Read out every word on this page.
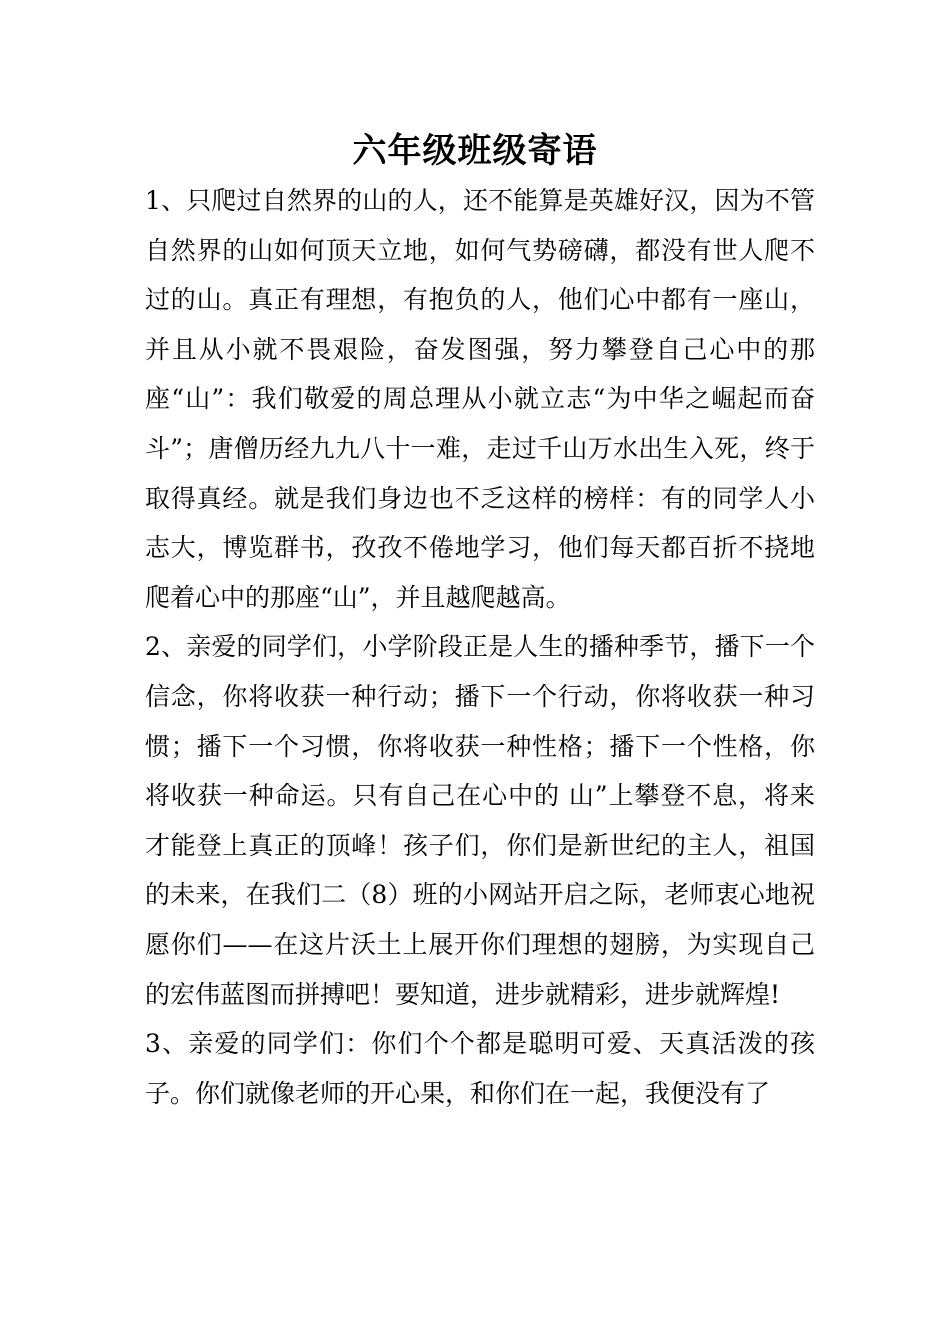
六年级班级寄语

1、只爬过自然界的山的人，还不能算是英雄好汉，因为不管自然界的山如何顶天立地，如何气势磅礴，都没有世人爬不过的山。真正有理想，有抱负的人，他们心中都有一座山，并且从小就不畏艰险，奋发图强，努力攀登自己心中的那座“山”：我们敬爱的周总理从小就立志“为中华之崛起而奋斗”；唐僧历经九九八十一难，走过千山万水出生入死，终于取得真经。就是我们身边也不乏这样的榜样：有的同学人小志大，博览群书，孜孜不倦地学习，他们每天都百折不挠地爬着心中的那座“山”，并且越爬越高。

2、亲爱的同学们，小学阶段正是人生的播种季节，播下一个信念，你将收获一种行动；播下一个行动，你将收获一种习惯；播下一个习惯，你将收获一种性格；播下一个性格，你将收获一种命运。只有自己在心中的 山”上攀登不息，将来才能登上真正的顶峰！孩子们，你们是新世纪的主人，祖国的未来，在我们二（8）班的小网站开启之际，老师衷心地祝愿你们——在这片沃土上展开你们理想的翅膀，为实现自己的宏伟蓝图而拼搏吧！要知道，进步就精彩，进步就辉煌!

3、亲爱的同学们：你们个个都是聪明可爱、天真活泼的孩子。你们就像老师的开心果，和你们在一起，我便没有了
